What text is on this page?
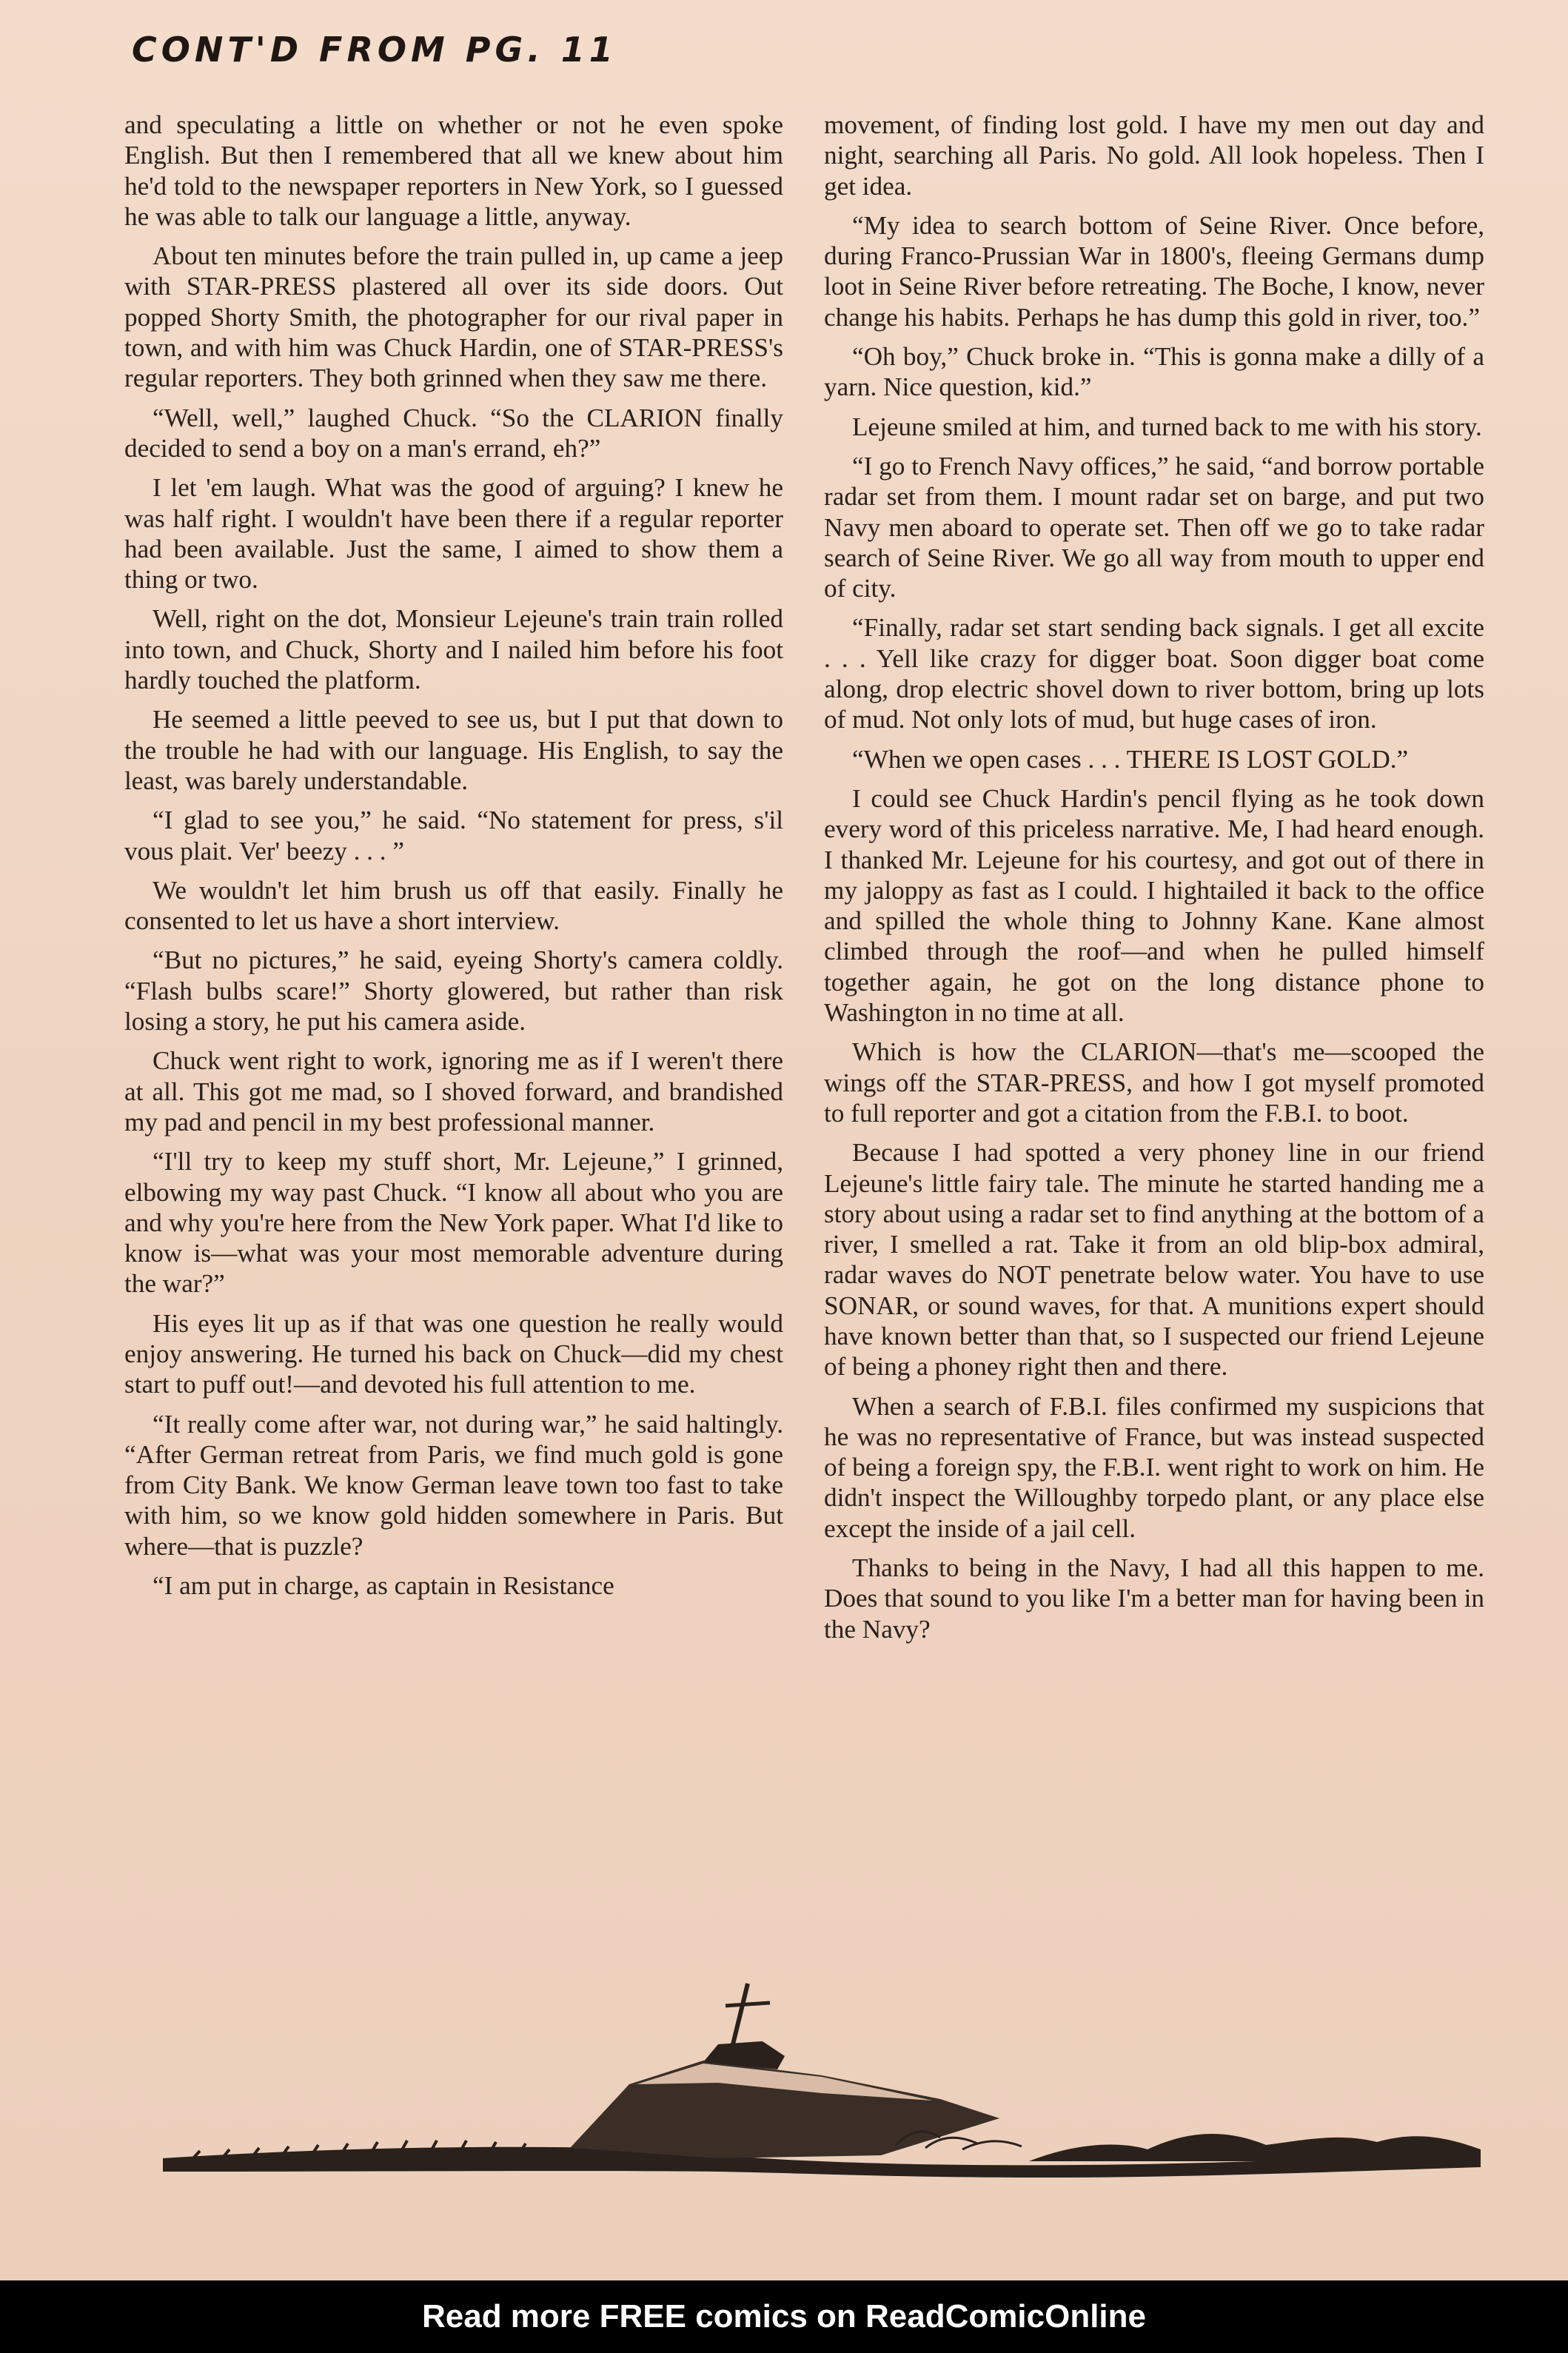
CONT'D FROM PG. 11

and speculating a little on whether or not he even spoke English. But then I remembered that all we knew about him he'd told to the newspaper reporters in New York, so I guessed he was able to talk our language a little, anyway.

About ten minutes before the train pulled in, up came a jeep with STAR-PRESS plastered all over its side doors. Out popped Shorty Smith, the photographer for our rival paper in town, and with him was Chuck Hardin, one of STAR-PRESS's regular reporters. They both grinned when they saw me there.

“Well, well,” laughed Chuck. “So the CLARION finally decided to send a boy on a man's errand, eh?”

I let 'em laugh. What was the good of arguing? I knew he was half right. I wouldn't have been there if a regular reporter had been available. Just the same, I aimed to show them a thing or two.

Well, right on the dot, Monsieur Lejeune's train train rolled into town, and Chuck, Shorty and I nailed him before his foot hardly touched the platform.

He seemed a little peeved to see us, but I put that down to the trouble he had with our language. His English, to say the least, was barely understandable.

“I glad to see you,” he said. “No statement for press, s'il vous plait. Ver' beezy . . . ”

We wouldn't let him brush us off that easily. Finally he consented to let us have a short interview.

“But no pictures,” he said, eyeing Shorty's camera coldly. “Flash bulbs scare!” Shorty glowered, but rather than risk losing a story, he put his camera aside.

Chuck went right to work, ignoring me as if I weren't there at all. This got me mad, so I shoved forward, and brandished my pad and pencil in my best professional manner.

“I'll try to keep my stuff short, Mr. Lejeune,” I grinned, elbowing my way past Chuck. “I know all about who you are and why you're here from the New York paper. What I'd like to know is—what was your most memorable adventure during the war?”

His eyes lit up as if that was one question he really would enjoy answering. He turned his back on Chuck—did my chest start to puff out!—and devoted his full attention to me.

“It really come after war, not during war,” he said haltingly. “After German retreat from Paris, we find much gold is gone from City Bank. We know German leave town too fast to take with him, so we know gold hidden somewhere in Paris. But where—that is puzzle?

“I am put in charge, as captain in Resistance

movement, of finding lost gold. I have my men out day and night, searching all Paris. No gold. All look hopeless. Then I get idea.

“My idea to search bottom of Seine River. Once before, during Franco-Prussian War in 1800's, fleeing Germans dump loot in Seine River before retreating. The Boche, I know, never change his habits. Perhaps he has dump this gold in river, too.”

“Oh boy,” Chuck broke in. “This is gonna make a dilly of a yarn. Nice question, kid.”

Lejeune smiled at him, and turned back to me with his story.

“I go to French Navy offices,” he said, “and borrow portable radar set from them. I mount radar set on barge, and put two Navy men aboard to operate set. Then off we go to take radar search of Seine River. We go all way from mouth to upper end of city.

“Finally, radar set start sending back signals. I get all excite . . . Yell like crazy for digger boat. Soon digger boat come along, drop electric shovel down to river bottom, bring up lots of mud. Not only lots of mud, but huge cases of iron.

“When we open cases . . . THERE IS LOST GOLD.”

I could see Chuck Hardin's pencil flying as he took down every word of this priceless narrative. Me, I had heard enough. I thanked Mr. Lejeune for his courtesy, and got out of there in my jaloppy as fast as I could. I hightailed it back to the office and spilled the whole thing to Johnny Kane. Kane almost climbed through the roof—and when he pulled himself together again, he got on the long distance phone to Washington in no time at all.

Which is how the CLARION—that's me—scooped the wings off the STAR-PRESS, and how I got myself promoted to full reporter and got a citation from the F.B.I. to boot.

Because I had spotted a very phoney line in our friend Lejeune's little fairy tale. The minute he started handing me a story about using a radar set to find anything at the bottom of a river, I smelled a rat. Take it from an old blip-box admiral, radar waves do NOT penetrate below water. You have to use SONAR, or sound waves, for that. A munitions expert should have known better than that, so I suspected our friend Lejeune of being a phoney right then and there.

When a search of F.B.I. files confirmed my suspicions that he was no representative of France, but was instead suspected of being a foreign spy, the F.B.I. went right to work on him. He didn't inspect the Willoughby torpedo plant, or any place else except the inside of a jail cell.

Thanks to being in the Navy, I had all this happen to me. Does that sound to you like I'm a better man for having been in the Navy?

Read more FREE comics on ReadComicOnline
